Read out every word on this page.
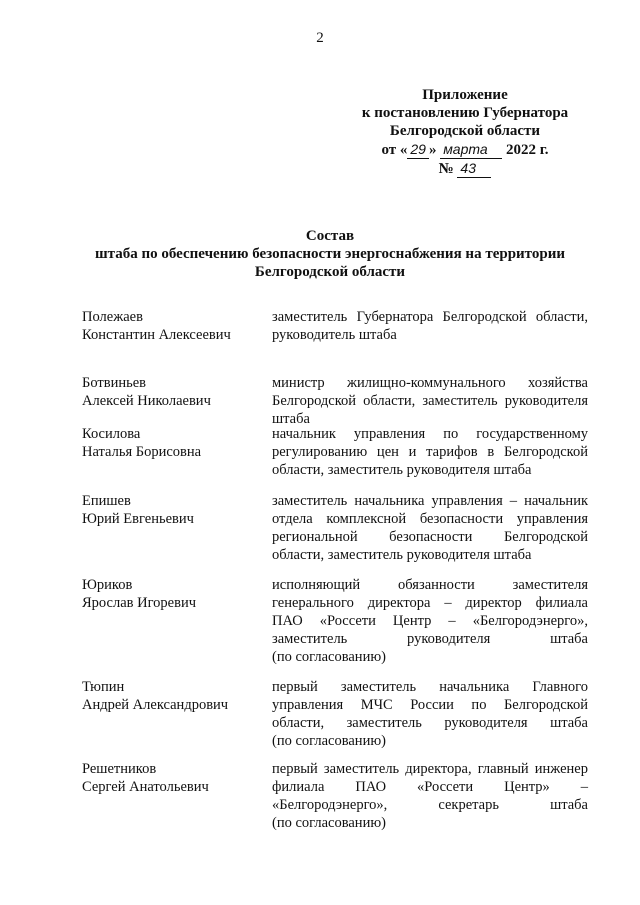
2
Приложение
к постановлению Губернатора
Белгородской области
от « 29 » марта 2022 г.
№ 43
Состав
штаба по обеспечению безопасности энергоснабжения на территории
Белгородской области
Полежаев
Константин Алексеевич
заместитель Губернатора Белгородской области,
руководитель штаба
Ботвиньев
Алексей Николаевич
министр жилищно-коммунального хозяйства
Белгородской области, заместитель руководителя
штаба
Косилова
Наталья Борисовна
начальник управления по государственному
регулированию цен и тарифов в Белгородской
области, заместитель руководителя штаба
Епишев
Юрий Евгеньевич
заместитель начальника управления – начальник
отдела комплексной безопасности управления
региональной безопасности Белгородской
области, заместитель руководителя штаба
Юриков
Ярослав Игоревич
исполняющий обязанности заместителя
генерального директора – директор филиала
ПАО «Россети Центр – «Белгородэнерго»,
заместитель руководителя штаба
(по согласованию)
Тюпин
Андрей Александрович
первый заместитель начальника Главного
управления МЧС России по Белгородской
области, заместитель руководителя штаба
(по согласованию)
Решетников
Сергей Анатольевич
первый заместитель директора, главный инженер
филиала ПАО «Россети Центр» –
«Белгородэнерго», секретарь штаба
(по согласованию)
